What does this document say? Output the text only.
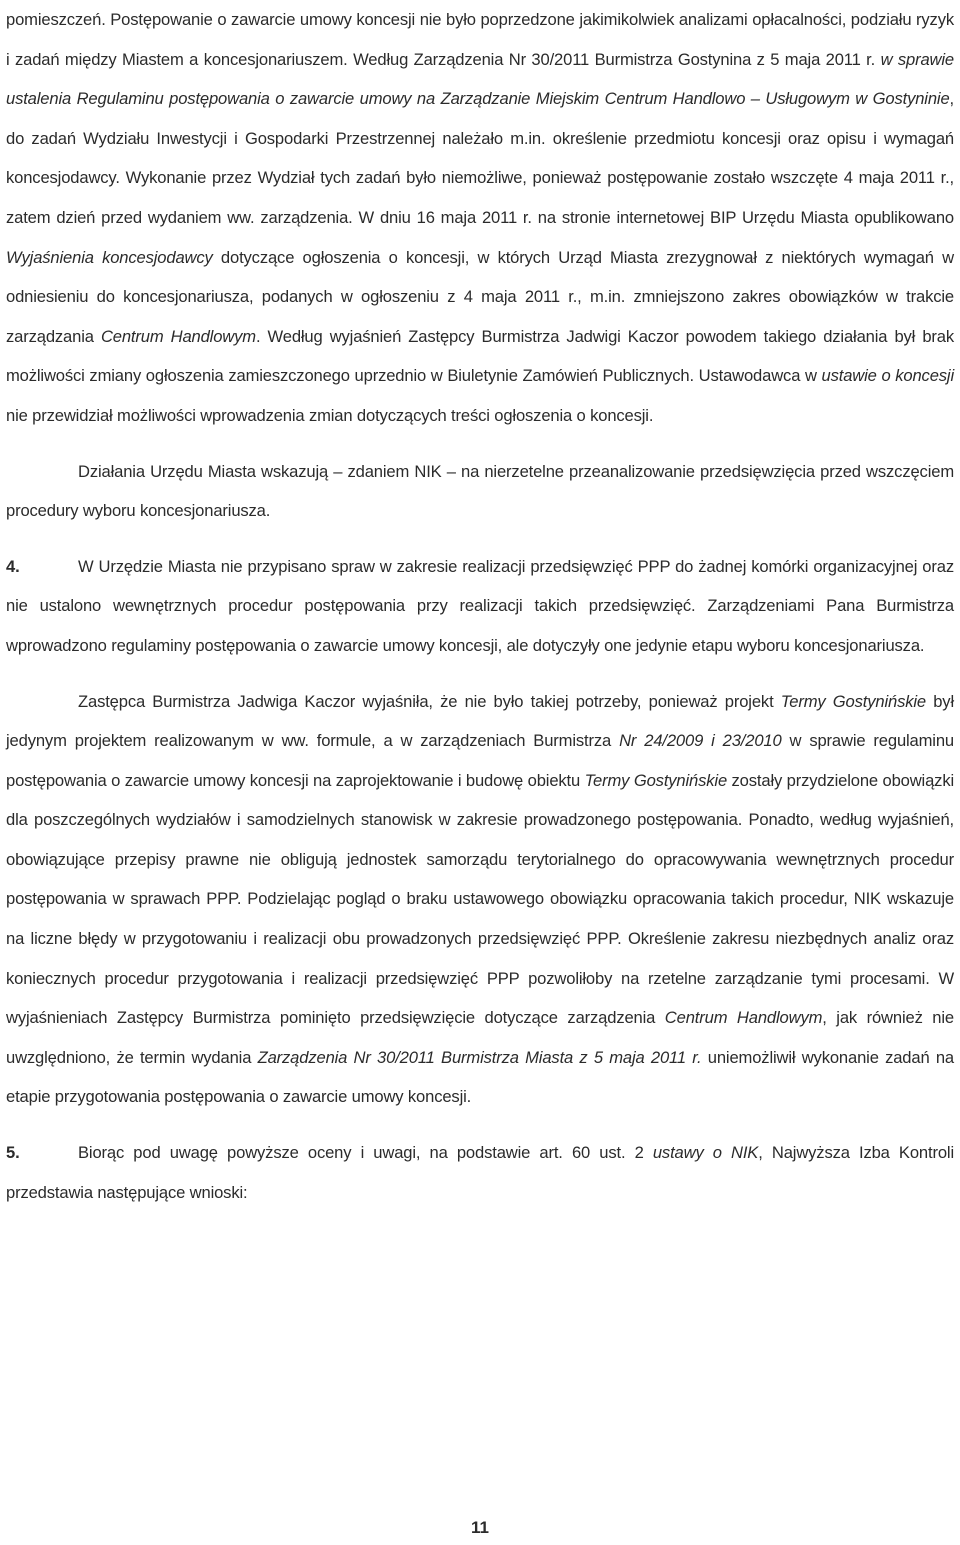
pomieszczeń. Postępowanie o zawarcie umowy koncesji nie było poprzedzone jakimikolwiek analizami opłacalności, podziału ryzyk i zadań między Miastem a koncesjonariuszem. Według Zarządzenia Nr 30/2011 Burmistrza Gostynina z 5 maja 2011 r. w sprawie ustalenia Regulaminu postępowania o zawarcie umowy na Zarządzanie Miejskim Centrum Handlowo – Usługowym w Gostyninie, do zadań Wydziału Inwestycji i Gospodarki Przestrzennej należało m.in. określenie przedmiotu koncesji oraz opisu i wymagań koncesjodawcy. Wykonanie przez Wydział tych zadań było niemożliwe, ponieważ postępowanie zostało wszczęte 4 maja 2011 r., zatem dzień przed wydaniem ww. zarządzenia. W dniu 16 maja 2011 r. na stronie internetowej BIP Urzędu Miasta opublikowano Wyjaśnienia koncesjodawcy dotyczące ogłoszenia o koncesji, w których Urząd Miasta zrezygnował z niektórych wymagań w odniesieniu do koncesjonariusza, podanych w ogłoszeniu z 4 maja 2011 r., m.in. zmniejszono zakres obowiązków w trakcie zarządzania Centrum Handlowym. Według wyjaśnień Zastępcy Burmistrza Jadwigi Kaczor powodem takiego działania był brak możliwości zmiany ogłoszenia zamieszczonego uprzednio w Biuletynie Zamówień Publicznych. Ustawodawca w ustawie o koncesji nie przewidział możliwości wprowadzenia zmian dotyczących treści ogłoszenia o koncesji.

Działania Urzędu Miasta wskazują – zdaniem NIK – na nierzetelne przeanalizowanie przedsięwzięcia przed wszczęciem procedury wyboru koncesjonariusza.

4.	W Urzędzie Miasta nie przypisano spraw w zakresie realizacji przedsięwzięć PPP do żadnej komórki organizacyjnej oraz nie ustalono wewnętrznych procedur postępowania przy realizacji takich przedsięwzięć. Zarządzeniami Pana Burmistrza wprowadzono regulaminy postępowania o zawarcie umowy koncesji, ale dotyczyły one jedynie etapu wyboru koncesjonariusza.

Zastępca Burmistrza Jadwiga Kaczor wyjaśniła, że nie było takiej potrzeby, ponieważ projekt Termy Gostynińskie był jedynym projektem realizowanym w ww. formule, a w zarządzeniach Burmistrza Nr 24/2009 i 23/2010 w sprawie regulaminu postępowania o zawarcie umowy koncesji na zaprojektowanie i budowę obiektu Termy Gostynińskie zostały przydzielone obowiązki dla poszczególnych wydziałów i samodzielnych stanowisk w zakresie prowadzonego postępowania. Ponadto, według wyjaśnień, obowiązujące przepisy prawne nie obligują jednostek samorządu terytorialnego do opracowywania wewnętrznych procedur postępowania w sprawach PPP. Podzielając pogląd o braku ustawowego obowiązku opracowania takich procedur, NIK wskazuje na liczne błędy w przygotowaniu i realizacji obu prowadzonych przedsięwzięć PPP. Określenie zakresu niezbędnych analiz oraz koniecznych procedur przygotowania i realizacji przedsięwzięć PPP pozwoliłoby na rzetelne zarządzanie tymi procesami. W wyjaśnieniach Zastępcy Burmistrza pominięto przedsięwzięcie dotyczące zarządzenia Centrum Handlowym, jak również nie uwzględniono, że termin wydania Zarządzenia Nr 30/2011 Burmistrza Miasta z 5 maja 2011 r. uniemożliwił wykonanie zadań na etapie przygotowania postępowania o zawarcie umowy koncesji.

5.	Biorąc pod uwagę powyższe oceny i uwagi, na podstawie art. 60 ust. 2 ustawy o NIK, Najwyższa Izba Kontroli przedstawia następujące wnioski:

11
